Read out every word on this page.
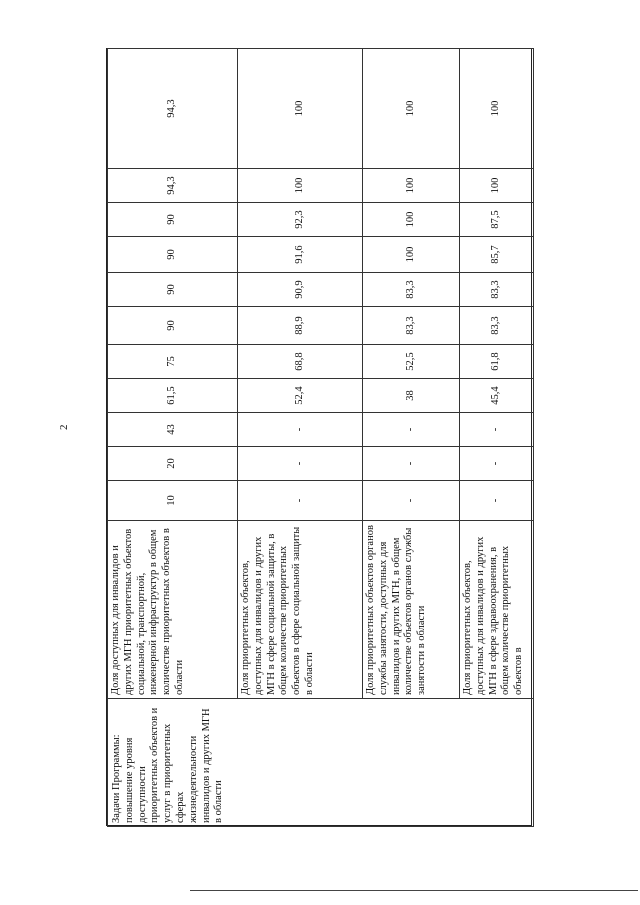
2
Задачи Программы: повышение уровня доступности приоритетных объектов и услуг в приоритетных сферах жизнедеятельности инвалидов и других МГН в области	Доля доступных для инвалидов и других МГН приоритетных объектов социальной, транспортной, инженерной инфраструктур в общем количестве приоритетных объектов в области	10	20	43	61,5	75	90	90	90	90	94,3	94,3
	Доля приоритетных объектов, доступных для инвалидов и других МГН в сфере социальной защиты, в общем количестве приоритетных объектов в сфере социальной защиты в области	-	-	-	52,4	68,8	88,9	90,9	91,6	92,3	100	100
	Доля приоритетных объектов органов службы занятости, доступных для инвалидов и других МГН, в общем количестве объектов органов службы занятости в области	-	-	-	38	52,5	83,3	83,3	100	100	100	100
	Доля приоритетных объектов, доступных для инвалидов и других МГН в сфере здравоохранения, в общем количестве приоритетных объектов в	-	-	-	45,4	61,8	83,3	83,3	85,7	87,5	100	100
